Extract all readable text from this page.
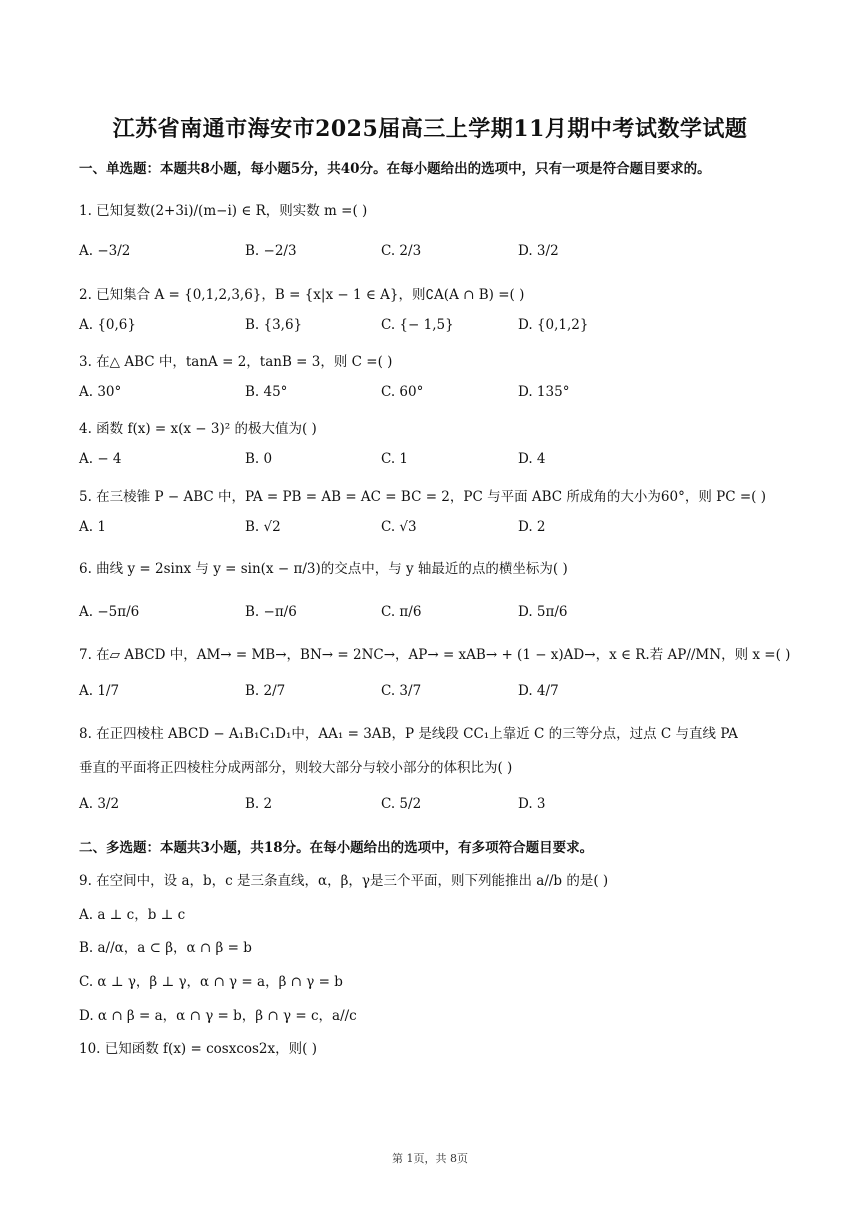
江苏省南通市海安市2025届高三上学期11月期中考试数学试题
一、单选题：本题共8小题，每小题5分，共40分。在每小题给出的选项中，只有一项是符合题目要求的。
1. 已知复数(2+3i)/(m−i) ∈ R，则实数 m =( )
A. −3/2	B. −2/3	C. 2/3	D. 3/2
2. 已知集合 A = {0,1,2,3,6}，B = {x|x − 1 ∈ A}，则∁A(A ∩ B) =( )
A. {0,6}	B. {3,6}	C. {− 1,5}	D. {0,1,2}
3. 在△ ABC 中，tanA = 2，tanB = 3，则 C =( )
A. 30°	B. 45°	C. 60°	D. 135°
4. 函数 f(x) = x(x − 3)² 的极大值为( )
A. − 4	B. 0	C. 1	D. 4
5. 在三棱锥 P − ABC 中，PA = PB = AB = AC = BC = 2，PC 与平面 ABC 所成角的大小为60°，则 PC =( )
A. 1	B. √2	C. √3	D. 2
6. 曲线 y = 2sinx 与 y = sin(x − π/3)的交点中，与 y 轴最近的点的横坐标为( )
A. −5π/6	B. −π/6	C. π/6	D. 5π/6
7. 在▱ ABCD 中，AM→ = MB→，BN→ = 2NC→，AP→ = xAB→ + (1 − x)AD→，x ∈ R.若 AP//MN，则 x =( )
A. 1/7	B. 2/7	C. 3/7	D. 4/7
8. 在正四棱柱 ABCD − A₁B₁C₁D₁中，AA₁ = 3AB，P 是线段 CC₁上靠近 C 的三等分点，过点 C 与直线 PA
垂直的平面将正四棱柱分成两部分，则较大部分与较小部分的体积比为( )
A. 3/2	B. 2	C. 5/2	D. 3
二、多选题：本题共3小题，共18分。在每小题给出的选项中，有多项符合题目要求。
9. 在空间中，设 a，b，c 是三条直线，α，β，γ是三个平面，则下列能推出 a//b 的是( )
A. a ⊥ c，b ⊥ c
B. a//α，a ⊂ β，α ∩ β = b
C. α ⊥ γ，β ⊥ γ，α ∩ γ = a，β ∩ γ = b
D. α ∩ β = a，α ∩ γ = b，β ∩ γ = c，a//c
10. 已知函数 f(x) = cosxcos2x，则( )
第 1页，共 8页
